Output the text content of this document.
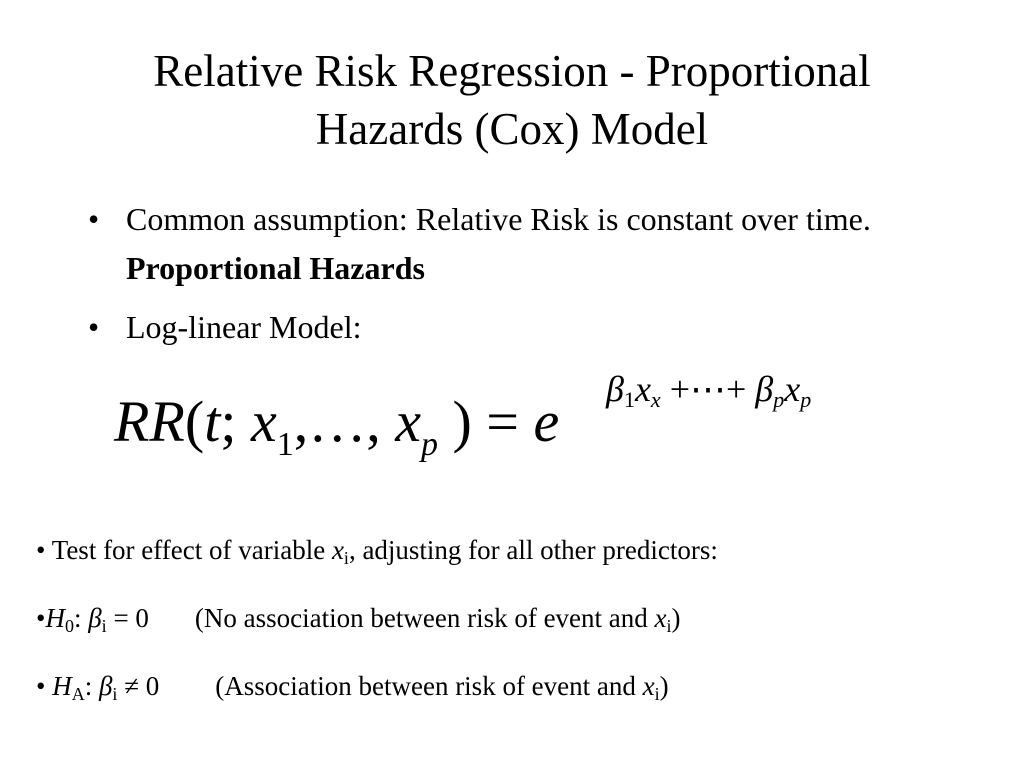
Relative Risk Regression - Proportional
Hazards (Cox) Model
• Common assumption: Relative Risk is constant over time. Proportional Hazards
• Log-linear Model:
RR(t; $x_1,\dots$, $x_p$ ) = e $\beta_1x_x$ +⋯+ $\beta_px_p$
• Test for effect of variable $x_i$, adjusting for all other predictors:
$•H_0$: $\beta_i = 0$ (No association between risk of event and $x_i$)
• $H_A$: $\beta_i \ne 0$ (Association between risk of event and $x_i$)
